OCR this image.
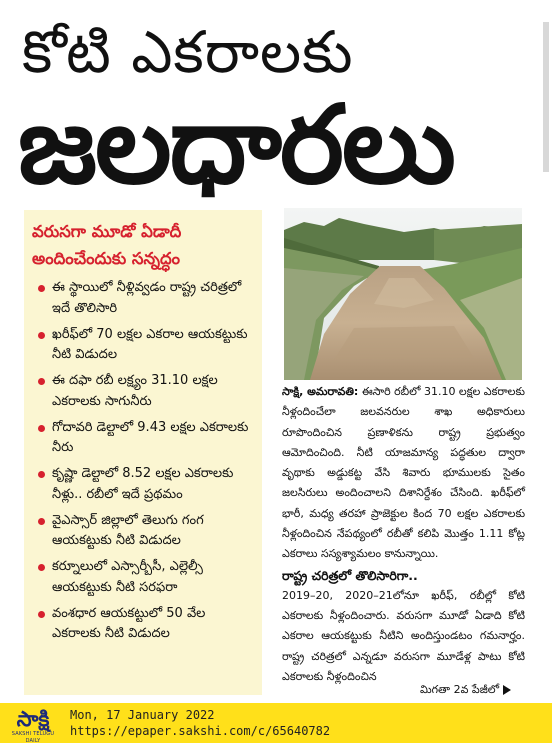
కోటి ఎకరాలకు
జలధారలు
వరుసగా మూడో ఏడాదీ అందించేందుకు సన్నద్ధం
ఈ స్థాయిలో నీళ్లివ్వడం రాష్ట్ర చరిత్రలో ఇదే తొలిసారి
ఖరీఫ్‌లో 70 లక్షల ఎకరాల ఆయకట్టుకు నీటి విడుదల
ఈ దఫా రబీ లక్ష్యం 31.10 లక్షల ఎకరాలకు సాగునీరు
గోదావరి డెల్టాలో 9.43 లక్షల ఎకరాలకు నీరు
కృష్ణా డెల్టాలో 8.52 లక్షల ఎకరాలకు నీళ్లు.. రబీలో ఇదే ప్రథమం
వైఎస్సార్ జిల్లాలో తెలుగు గంగ ఆయకట్టుకు నీటి విడుదల
కర్నూలులో ఎస్సార్బీసీ, ఎల్లెల్సీ ఆయకట్టుకు నీటి సరఫరా
వంశధార ఆయకట్టులో 50 వేల ఎకరాలకు నీటి విడుదల

సాక్షి, అమరావతి: ఈసారి రబీలో 31.10 లక్షల ఎకరాలకు నీళ్లందించేలా జలవనరుల శాఖ అధికారులు రూపొందించిన ప్రణాళికను రాష్ట్ర ప్రభుత్వం ఆమోదించింది. నీటి యాజమాన్య పద్ధతుల ద్వారా వృథాకు అడ్డుకట్ట వేసి శివారు భూములకు సైతం జలసిరులు అందించాలని దిశానిర్దేశం చేసింది. ఖరీఫ్‌లో భారీ, మధ్య తరహా ప్రాజెక్టుల కింద 70 లక్షల ఎకరాలకు నీళ్లందించిన నేపథ్యంలో రబీతో కలిపి మొత్తం 1.11 కోట్ల ఎకరాలు సస్యశ్యామలం కానున్నాయి.

రాష్ట్ర చరిత్రలో తొలిసారిగా..

2019–20, 2020–21లోనూ ఖరీఫ్, రబీల్లో కోటి ఎకరాలకు నీళ్లందించారు. వరుసగా మూడో ఏడాది కోటి ఎకరాల ఆయకట్టుకు నీటిని అందిస్తుండటం గమనార్హం. రాష్ట్ర చరిత్రలో ఎన్నడూ వరుసగా మూడేళ్ల పాటు కోటి ఎకరాలకు నీళ్లందించిన

మిగతా 2వ పేజీలో
సాక్షి
SAKSHI TELUGU DAILY
Mon, 17 January 2022
https://epaper.sakshi.com/c/65640782
